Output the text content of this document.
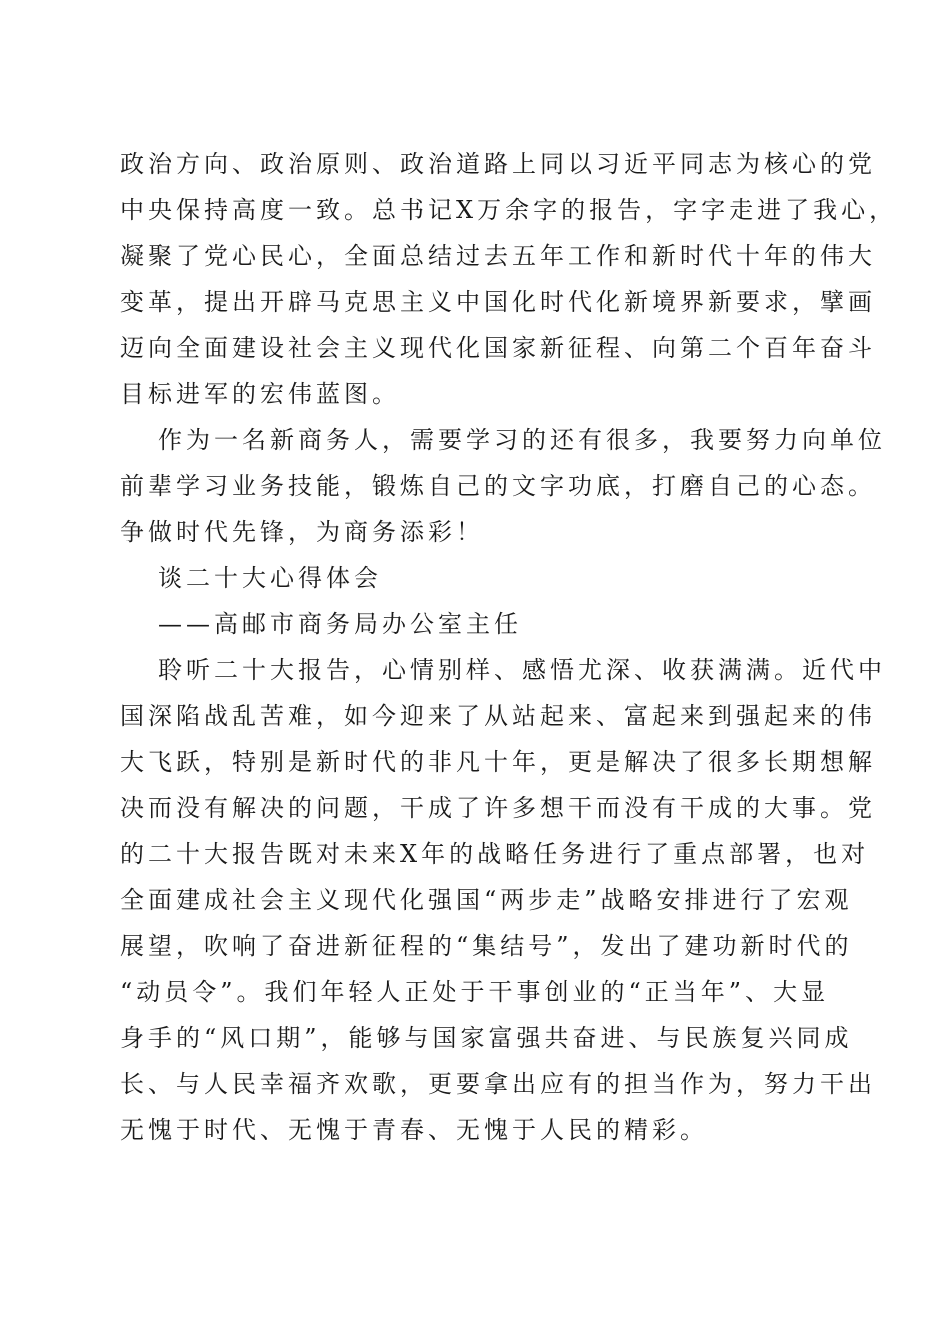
政治方向、政治原则、政治道路上同以习近平同志为核心的党
中央保持高度一致。总书记X万余字的报告，字字走进了我心，
凝聚了党心民心，全面总结过去五年工作和新时代十年的伟大
变革，提出开辟马克思主义中国化时代化新境界新要求，擘画
迈向全面建设社会主义现代化国家新征程、向第二个百年奋斗
目标进军的宏伟蓝图。
作为一名新商务人，需要学习的还有很多，我要努力向单位
前辈学习业务技能，锻炼自己的文字功底，打磨自己的心态。
争做时代先锋，为商务添彩！
谈二十大心得体会
——高邮市商务局办公室主任
聆听二十大报告，心情别样、感悟尤深、收获满满。近代中
国深陷战乱苦难，如今迎来了从站起来、富起来到强起来的伟
大飞跃，特别是新时代的非凡十年，更是解决了很多长期想解
决而没有解决的问题，干成了许多想干而没有干成的大事。党
的二十大报告既对未来X年的战略任务进行了重点部署，也对
全面建成社会主义现代化强国“两步走”战略安排进行了宏观
展望，吹响了奋进新征程的“集结号”，发出了建功新时代的
“动员令”。我们年轻人正处于干事创业的“正当年”、大显
身手的“风口期”，能够与国家富强共奋进、与民族复兴同成
长、与人民幸福齐欢歌，更要拿出应有的担当作为，努力干出
无愧于时代、无愧于青春、无愧于人民的精彩。
